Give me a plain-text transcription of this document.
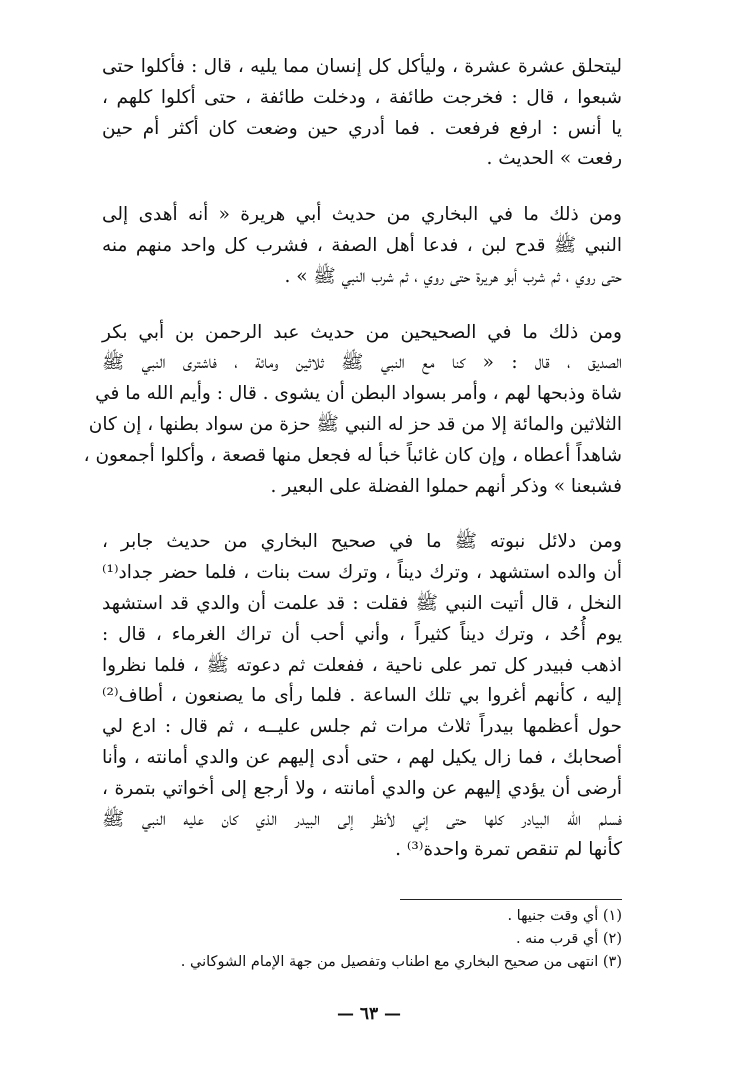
ليتحلق عشرة عشرة ، وليأكل كل إنسان مما يليه ، قال : فأكلوا حتى
شبعوا ، قال : فخرجت طائفة ، ودخلت طائفة ، حتى أكلوا كلهم ،
يا أنس : ارفع فرفعت . فما أدري حين وضعت كان أكثر أم حين
رفعت » الحديث .
ومن ذلك ما في البخاري من حديث أبي هريرة « أنه أهدى إلى
النبي ﷺ قدح لبن ، فدعا أهل الصفة ، فشرب كل واحد منهم منه
حتى روي ، ثم شرب أبو هريرة حتى روي ، ثم شرب النبي ﷺ » .
ومن ذلك ما في الصحيحين من حديث عبد الرحمن بن أبي بكر
الصديق ، قال : « كنا مع النبي ﷺ ثلاثين ومائة ، فاشترى النبي ﷺ
شاة وذبحها لهم ، وأمر بسواد البطن أن يشوى . قال : وأيم الله ما في
الثلاثين والمائة إلا من قد حز له النبي ﷺ حزة من سواد بطنها ، إن كان
شاهداً أعطاه ، وإن كان غائباً خبأ له فجعل منها قصعة ، وأكلوا أجمعون ،
فشبعنا » وذكر أنهم حملوا الفضلة على البعير .
ومن دلائل نبوته ﷺ ما في صحيح البخاري من حديث جابر ،
أن والده استشهد ، وترك ديناً ، وترك ست بنات ، فلما حضر جداد⁽¹⁾
النخل ، قال أتيت النبي ﷺ فقلت : قد علمت أن والدي قد استشهد
يوم أُحُد ، وترك ديناً كثيراً ، وأني أحب أن تراك الغرماء ، قال :
اذهب فبيدر كل تمر على ناحية ، ففعلت ثم دعوته ﷺ ، فلما نظروا
إليه ، كأنهم أغروا بي تلك الساعة . فلما رأى ما يصنعون ، أطاف⁽²⁾
حول أعظمها بيدراً ثلاث مرات ثم جلس عليــه ، ثم قال : ادع لي
أصحابك ، فما زال يكيل لهم ، حتى أدى إليهم عن والدي أمانته ، وأنا
أرضى أن يؤدي إليهم عن والدي أمانته ، ولا أرجع إلى أخواتي بتمرة ،
فسلم الله البيادر كلها حتى إني لأنظر إلى البيدر الذي كان عليه النبي ﷺ
كأنها لم تنقص تمرة واحدة⁽³⁾ .
(١) أي وقت جنيها .
(٢) أي قرب منه .
(٣) انتهى من صحيح البخاري مع اطناب وتفصيل من جهة الإمام الشوكاني .
— ٦٣ —
